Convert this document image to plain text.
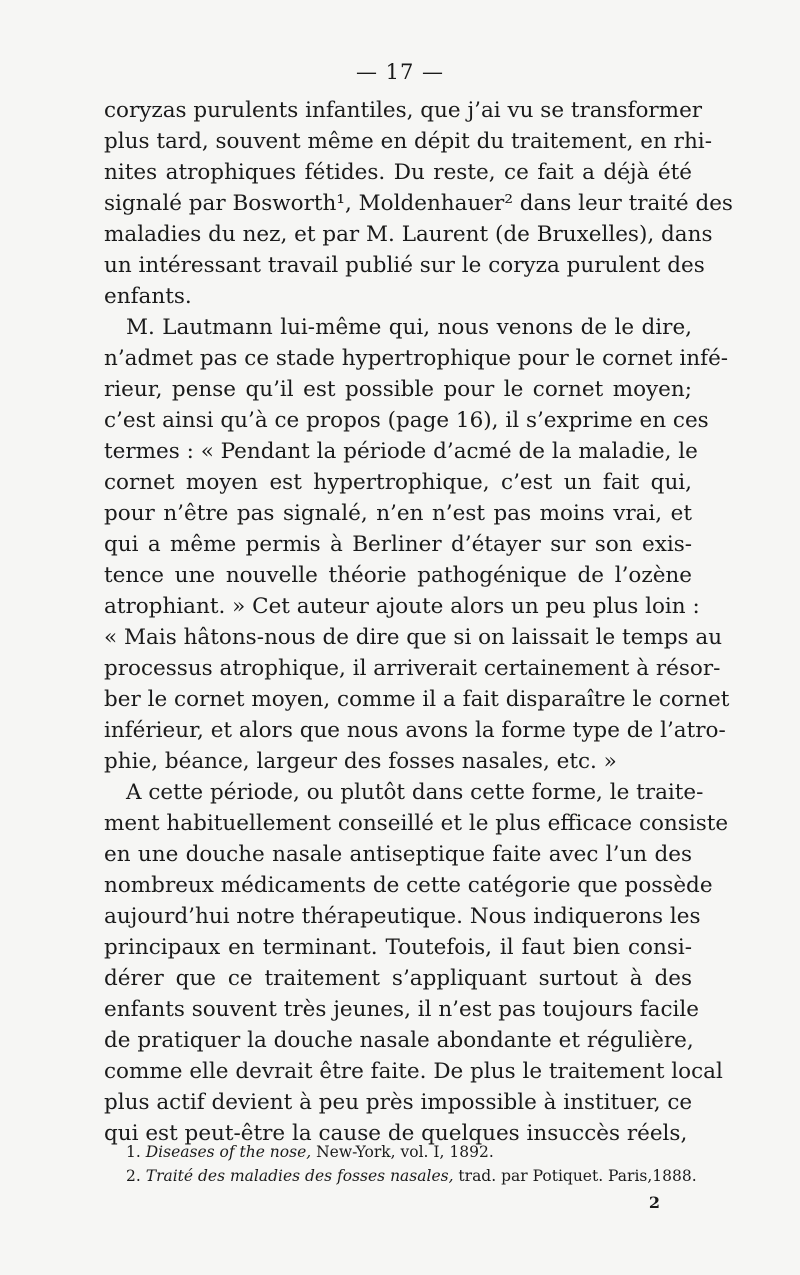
— 17 —
coryzas purulents infantiles, que j’ai vu se transformer
plus tard, souvent même en dépit du traitement, en rhi-
nites atrophiques fétides. Du reste, ce fait a déjà été
signalé par Bosworth¹, Moldenhauer² dans leur traité des
maladies du nez, et par M. Laurent (de Bruxelles), dans
un intéressant travail publié sur le coryza purulent des
enfants.
M. Lautmann lui-même qui, nous venons de le dire,
n’admet pas ce stade hypertrophique pour le cornet infé-
rieur, pense qu’il est possible pour le cornet moyen;
c’est ainsi qu’à ce propos (page 16), il s’exprime en ces
termes : « Pendant la période d’acmé de la maladie, le
cornet moyen est hypertrophique, c’est un fait qui,
pour n’être pas signalé, n’en n’est pas moins vrai, et
qui a même permis à Berliner d’étayer sur son exis-
tence une nouvelle théorie pathogénique de l’ozène
atrophiant. » Cet auteur ajoute alors un peu plus loin :
« Mais hâtons-nous de dire que si on laissait le temps au
processus atrophique, il arriverait certainement à résor-
ber le cornet moyen, comme il a fait disparaître le cornet
inférieur, et alors que nous avons la forme type de l’atro-
phie, béance, largeur des fosses nasales, etc. »
A cette période, ou plutôt dans cette forme, le traite-
ment habituellement conseillé et le plus efficace consiste
en une douche nasale antiseptique faite avec l’un des
nombreux médicaments de cette catégorie que possède
aujourd’hui notre thérapeutique. Nous indiquerons les
principaux en terminant. Toutefois, il faut bien consi-
dérer que ce traitement s’appliquant surtout à des
enfants souvent très jeunes, il n’est pas toujours facile
de pratiquer la douche nasale abondante et régulière,
comme elle devrait être faite. De plus le traitement local
plus actif devient à peu près impossible à instituer, ce
qui est peut-être la cause de quelques insuccès réels,
1. Diseases of the nose, New-York, vol. I, 1892.
2. Traité des maladies des fosses nasales, trad. par Potiquet. Paris,1888.
2
